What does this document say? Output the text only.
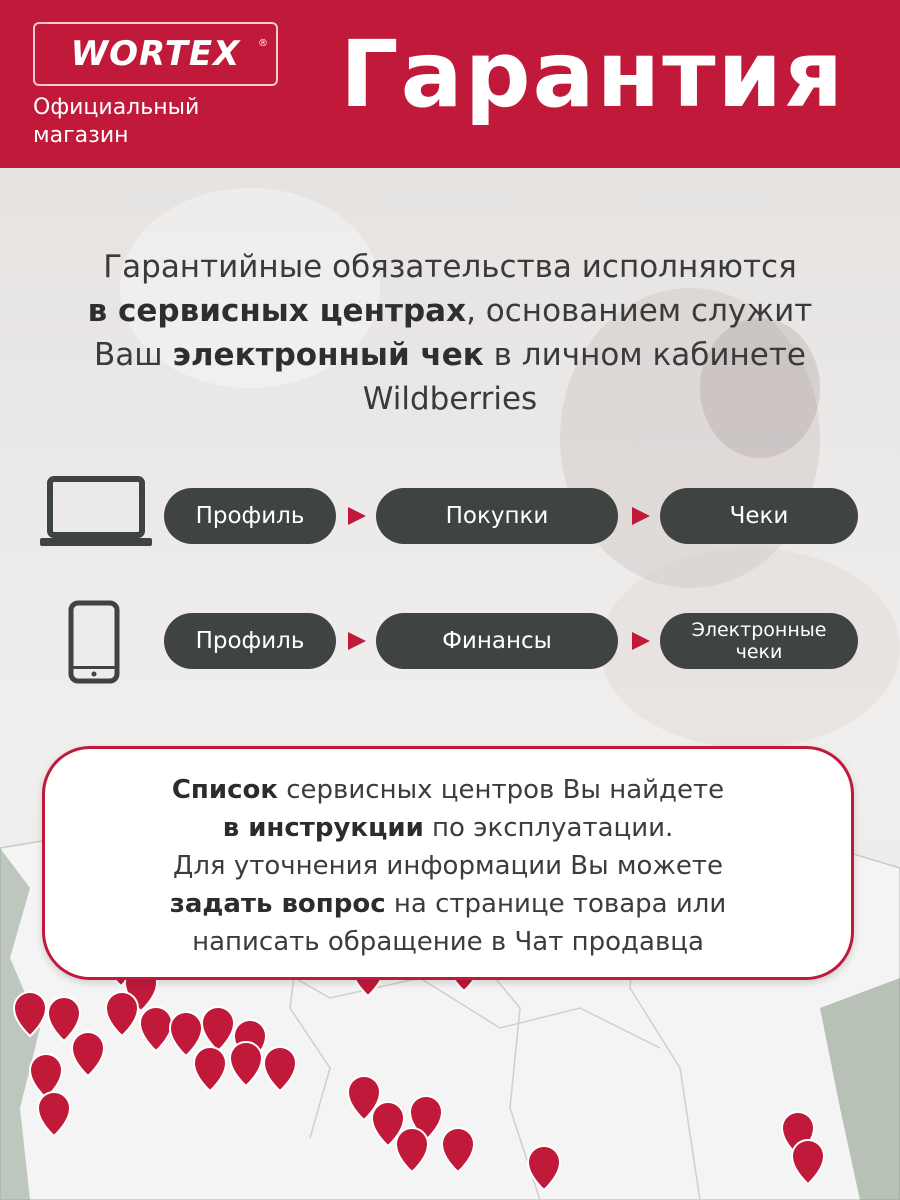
WORTEX	®
Официальный
магазин
Гарантия
Гарантийные обязательства исполняются
в сервисных центрах, основанием служит
Ваш электронный чек в личном кабинете
Wildberries
Профиль	Покупки	Чеки
Профиль	Финансы	Электронные чеки
Список сервисных центров Вы найдете
в инструкции по эксплуатации.
Для уточнения информации Вы можете
задать вопрос на странице товара или
написать обращение в Чат продавца
